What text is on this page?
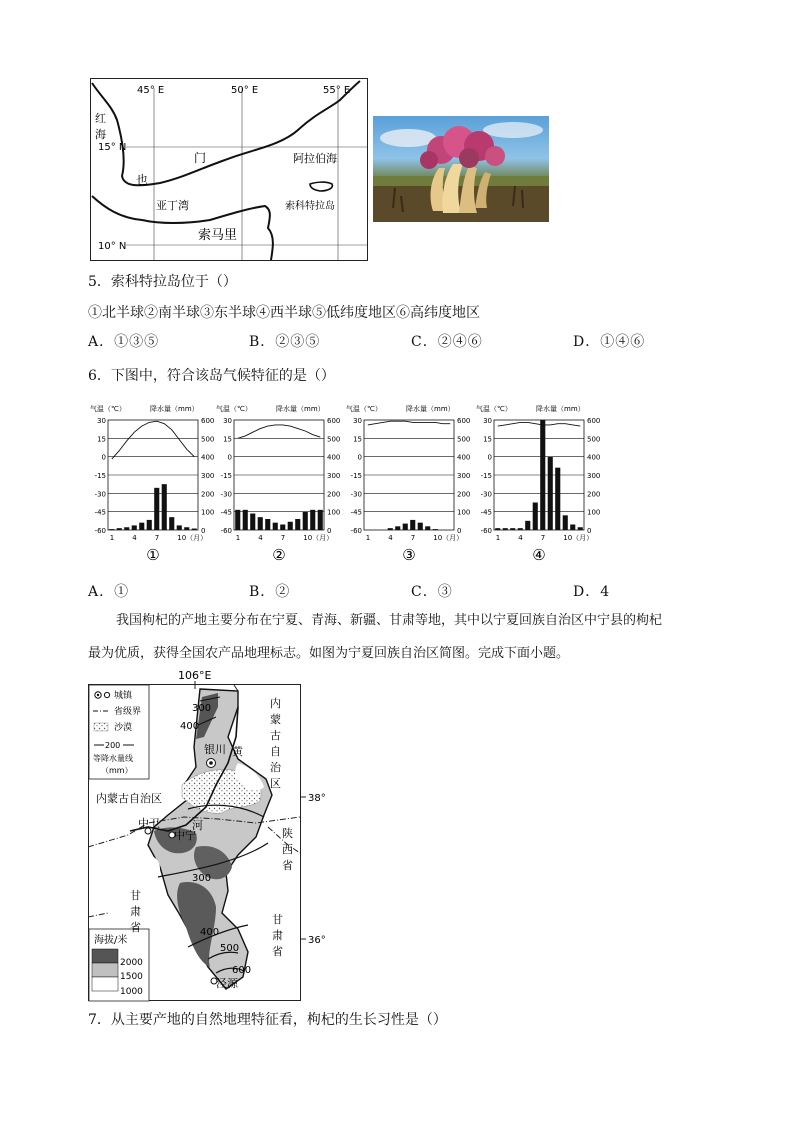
45° E	50° E	55° E
15° N
10° N
红
海
门
也
阿拉伯海
亚丁湾	索科特拉岛
索马里
5．索科特拉岛位于（）
①北半球②南半球③东半球④西半球⑤低纬度地区⑥高纬度地区
A．①③⑤	B．②③⑤	C．②④⑥	D．①④⑥
6．下图中，符合该岛气候特征的是（）
气温（℃）	降水量（mm）
30	600
15	500
0	400
-15	300
-30	200
-45	100
-60	0
1	4	7	10（月）
①
气温（℃）	降水量（mm）
30	600
15	500
0	400
-15	300
-30	200
-45	100
-60	0
1	4	7	10（月）
②
气温（℃）	降水量（mm）
30	600
15	500
0	400
-15	300
-30	200
-45	100
-60	0
1	4	7	10（月）
③
气温（℃）	降水量（mm）
30	600
15	500
0	400
-15	300
-30	200
-45	100
-60	0
1	4	7	10（月）
④
A．①	B．②	C．③	D．4
我国枸杞的产地主要分布在宁夏、青海、新疆、甘肃等地，其中以宁夏回族自治区中宁县的枸杞
最为优质，获得全国农产品地理标志。如图为宁夏回族自治区简图。完成下面小题。
106°E
300
400
300
400
500
600
城镇
省级界
沙漠
200
等降水量线
（mm）
海拔/米
2000
1500
1000
内
蒙
古
自
治
区
内蒙古自治区
陕
西
省
甘
肃
省
甘
肃
省
38°
36°
银川
中卫
中宁
泾源
黄
河
7．从主要产地的自然地理特征看，枸杞的生长习性是（）
